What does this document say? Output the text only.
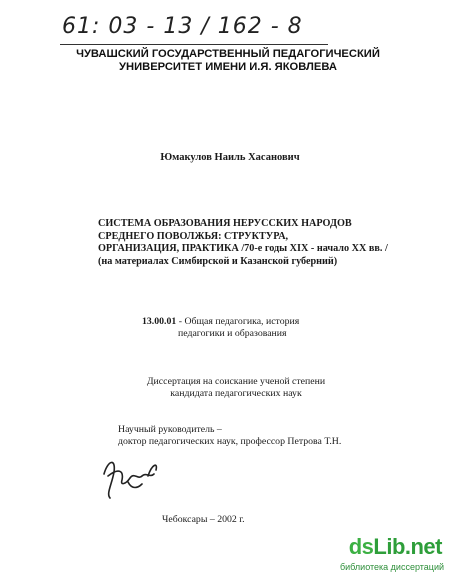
61: 03 - 13 / 162 - 8
ЧУВАШСКИЙ ГОСУДАРСТВЕННЫЙ ПЕДАГОГИЧЕСКИЙ
УНИВЕРСИТЕТ ИМЕНИ И.Я. ЯКОВЛЕВА
Юмакулов Наиль Хасанович
СИСТЕМА ОБРАЗОВАНИЯ НЕРУССКИХ НАРОДОВ
СРЕДНЕГО ПОВОЛЖЬЯ: СТРУКТУРА,
ОРГАНИЗАЦИЯ, ПРАКТИКА /70-е годы XIX - начало XX вв. /
(на материалах Симбирской и Казанской губерний)
13.00.01 - Общая педагогика, история
педагогики и образования
Диссертация на соискание ученой степени
кандидата педагогических наук
Научный руководитель –
доктор педагогических наук, профессор Петрова Т.Н.
Чебоксары – 2002 г.
dsLib.net
библиотека диссертаций
